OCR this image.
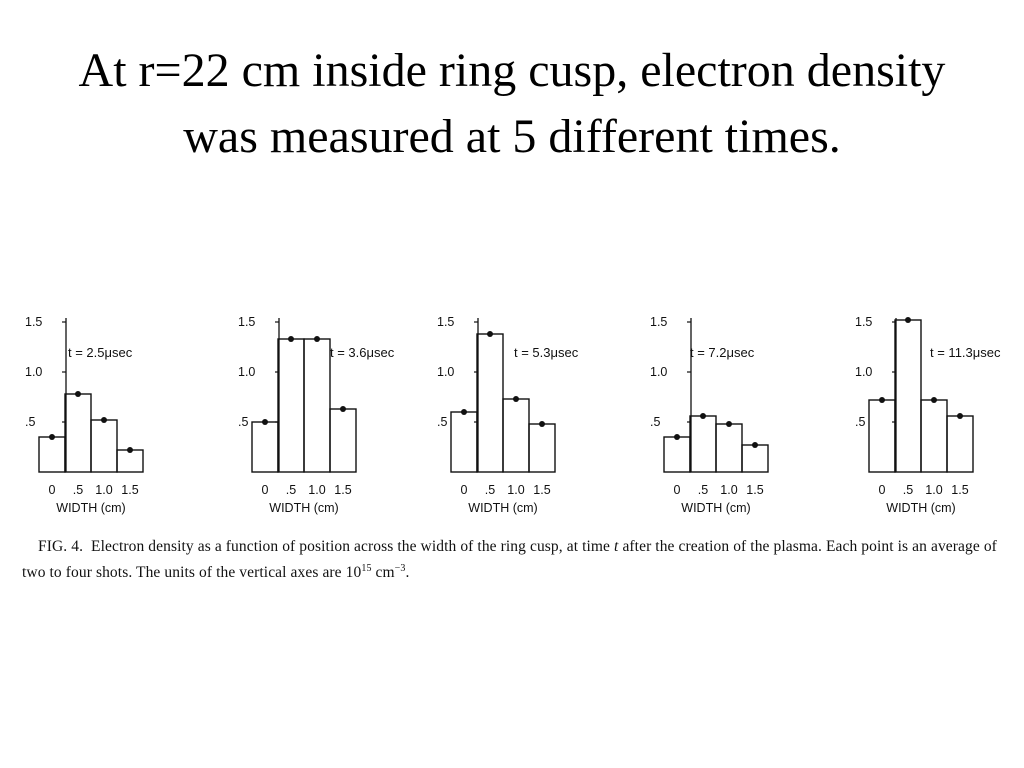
At r=22 cm inside ring cusp, electron density was measured at 5 different times.
.5
1.0
1.5
0 .5 1.0 1.5
WIDTH (cm)
t = 2.5μsec
.5
1.0
1.5
0 .5 1.0 1.5
WIDTH (cm)
t = 3.6μsec
.5
1.0
1.5
0 .5 1.0 1.5
WIDTH (cm)
t = 5.3μsec
.5
1.0
1.5
0 .5 1.0 1.5
WIDTH (cm)
t = 7.2μsec
.5
1.0
1.5
0 .5 1.0 1.5
WIDTH (cm)
t = 11.3μsec
FIG. 4. Electron density as a function of position across the width of the ring cusp, at time t after the creation of the plasma. Each point is an average of two to four shots. The units of the vertical axes are $10^{15}$ $cm^{-3}$.
